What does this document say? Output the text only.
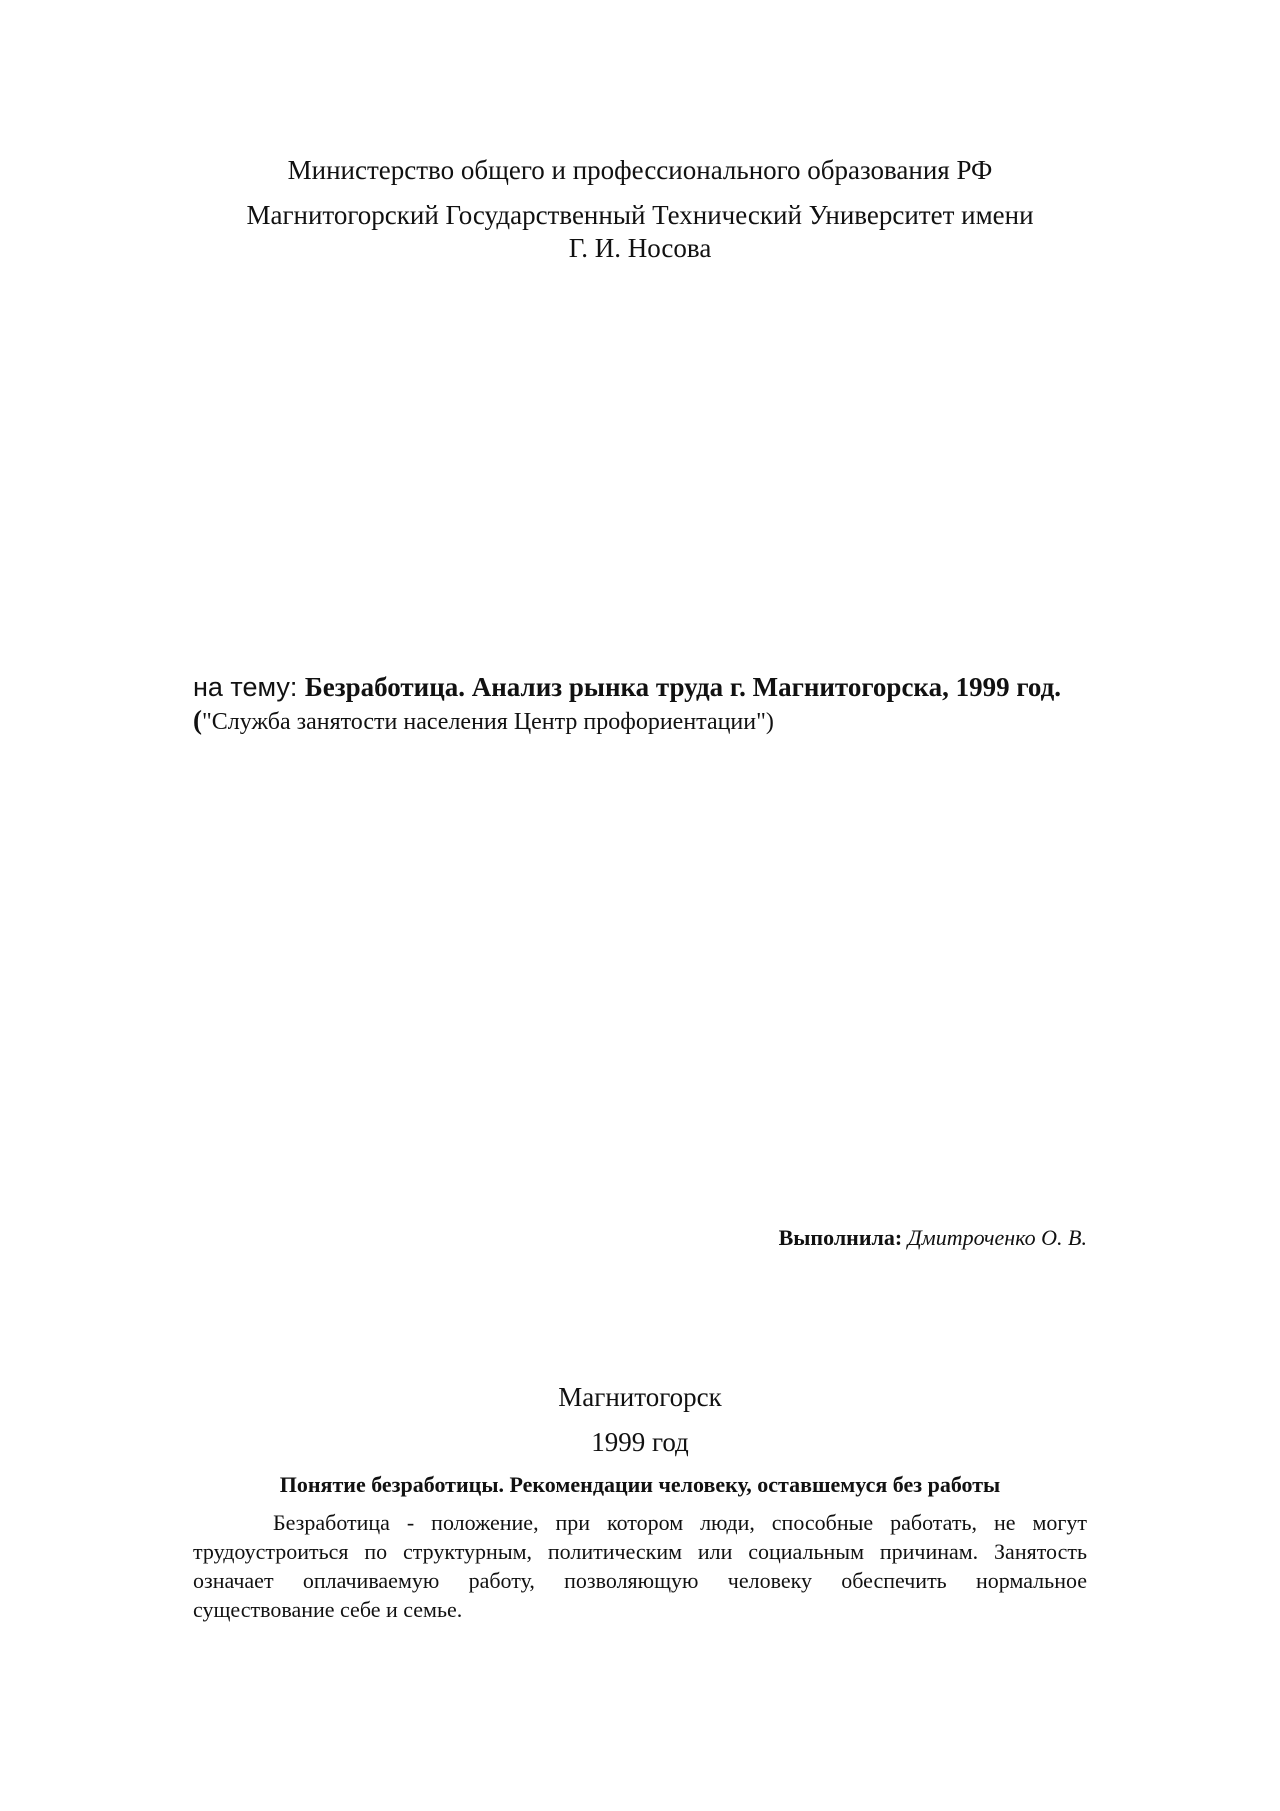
Министерство общего и профессионального образования РФ
Магнитогорский Государственный Технический Университет имени
Г. И. Носова
на тему: Безработица. Анализ рынка труда г. Магнитогорска, 1999 год. ("Служба занятости населения Центр профориентации")
Выполнила: Дмитроченко О. В.
Магнитогорск
1999 год
Понятие безработицы. Рекомендации человеку, оставшемуся без работы
Безработица - положение, при котором люди, способные работать, не могут трудоустроиться по структурным, политическим или социальным причинам. Занятость означает оплачиваемую работу, позволяющую человеку обеспечить нормальное существование себе и семье.
